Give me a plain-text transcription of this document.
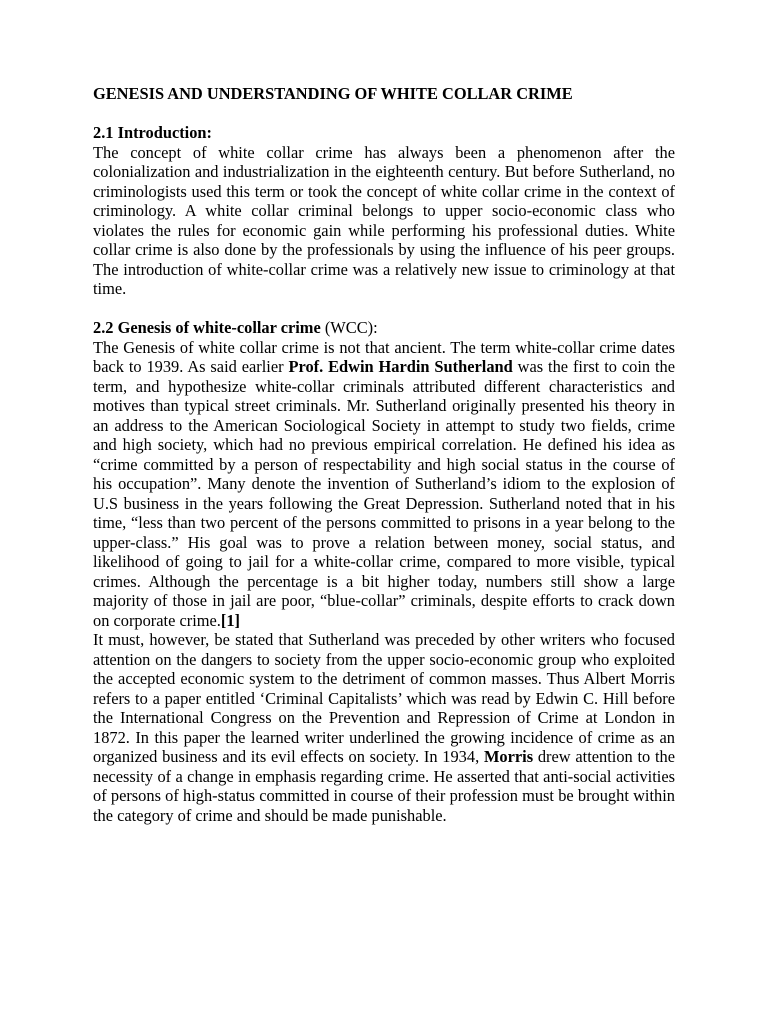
GENESIS AND UNDERSTANDING OF WHITE COLLAR CRIME
2.1 Introduction:

The concept of white collar crime has always been a phenomenon after the colonialization and industrialization in the eighteenth century. But before Sutherland, no criminologists used this term or took the concept of white collar crime in the context of criminology. A white collar criminal belongs to upper socio-economic class who violates the rules for economic gain while performing his professional duties. White collar crime is also done by the professionals by using the influence of his peer groups. The introduction of white-collar crime was a relatively new issue to criminology at that time.

2.2 Genesis of white-collar crime (WCC):

The Genesis of white collar crime is not that ancient. The term white-collar crime dates back to 1939. As said earlier Prof. Edwin Hardin Sutherland was the first to coin the term, and hypothesize white-collar criminals attributed different characteristics and motives than typical street criminals. Mr. Sutherland originally presented his theory in an address to the American Sociological Society in attempt to study two fields, crime and high society, which had no previous empirical correlation. He defined his idea as “crime committed by a person of respectability and high social status in the course of his occupation”. Many denote the invention of Sutherland’s idiom to the explosion of U.S business in the years following the Great Depression. Sutherland noted that in his time, “less than two percent of the persons committed to prisons in a year belong to the upper-class.” His goal was to prove a relation between money, social status, and likelihood of going to jail for a white-collar crime, compared to more visible, typical crimes. Although the percentage is a bit higher today, numbers still show a large majority of those in jail are poor, “blue-collar” criminals, despite efforts to crack down on corporate crime.[1]

It must, however, be stated that Sutherland was preceded by other writers who focused attention on the dangers to society from the upper socio-economic group who exploited the accepted economic system to the detriment of common masses. Thus Albert Morris refers to a paper entitled ‘Criminal Capitalists’ which was read by Edwin C. Hill before the International Congress on the Prevention and Repression of Crime at London in 1872. In this paper the learned writer underlined the growing incidence of crime as an organized business and its evil effects on society. In 1934, Morris drew attention to the necessity of a change in emphasis regarding crime. He asserted that anti-social activities of persons of high-status committed in course of their profession must be brought within the category of crime and should be made punishable.
